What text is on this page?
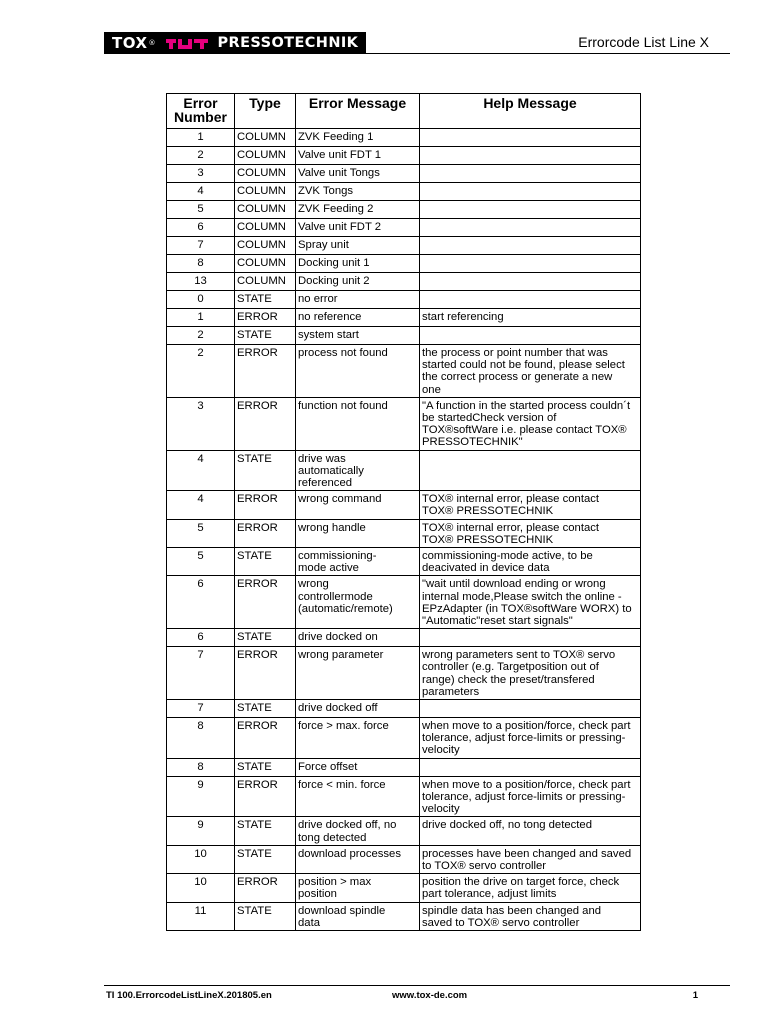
TOX ®	PRESSOTECHNIK	Errorcode List Line X
Error Number	Type	Error Message	Help Message
1	COLUMN	ZVK Feeding 1	
2	COLUMN	Valve unit FDT 1	
3	COLUMN	Valve unit Tongs	
4	COLUMN	ZVK Tongs	
5	COLUMN	ZVK Feeding 2	
6	COLUMN	Valve unit FDT 2	
7	COLUMN	Spray unit	
8	COLUMN	Docking unit 1	
13	COLUMN	Docking unit 2	
0	STATE	no error	
1	ERROR	no reference	start referencing
2	STATE	system start	
2	ERROR	process not found	the process or point number that was
started could not be found, please select
the correct process or generate a new
one
3	ERROR	function not found	"A function in the started process couldn´t
be startedCheck version of
TOX®softWare i.e. please contact TOX®
PRESSOTECHNIK"
4	STATE	drive was
automatically
referenced	
4	ERROR	wrong command	TOX® internal error, please contact
TOX® PRESSOTECHNIK
5	ERROR	wrong handle	TOX® internal error, please contact
TOX® PRESSOTECHNIK
5	STATE	commissioning-
mode active	commissioning-mode active, to be
deacivated in device data
6	ERROR	wrong
controllermode
(automatic/remote)	"wait until download ending or wrong
internal mode,Please switch the online -
EPzAdapter (in TOX®softWare WORX) to
"Automatic"reset start signals"
6	STATE	drive docked on	
7	ERROR	wrong parameter	wrong parameters sent to TOX® servo
controller (e.g. Targetposition out of
range) check the preset/transfered
parameters
7	STATE	drive docked off	
8	ERROR	force > max. force	when move to a position/force, check part
tolerance, adjust force-limits or pressing-
velocity
8	STATE	Force offset	
9	ERROR	force < min. force	when move to a position/force, check part
tolerance, adjust force-limits or pressing-
velocity
9	STATE	drive docked off, no
tong detected	drive docked off, no tong detected
10	STATE	download processes	processes have been changed and saved
to TOX® servo controller
10	ERROR	position > max
position	position the drive on target force, check
part tolerance, adjust limits
11	STATE	download spindle
data	spindle data has been changed and
saved to TOX® servo controller
TI 100.ErrorcodeListLineX.201805.en	www.tox-de.com	1
